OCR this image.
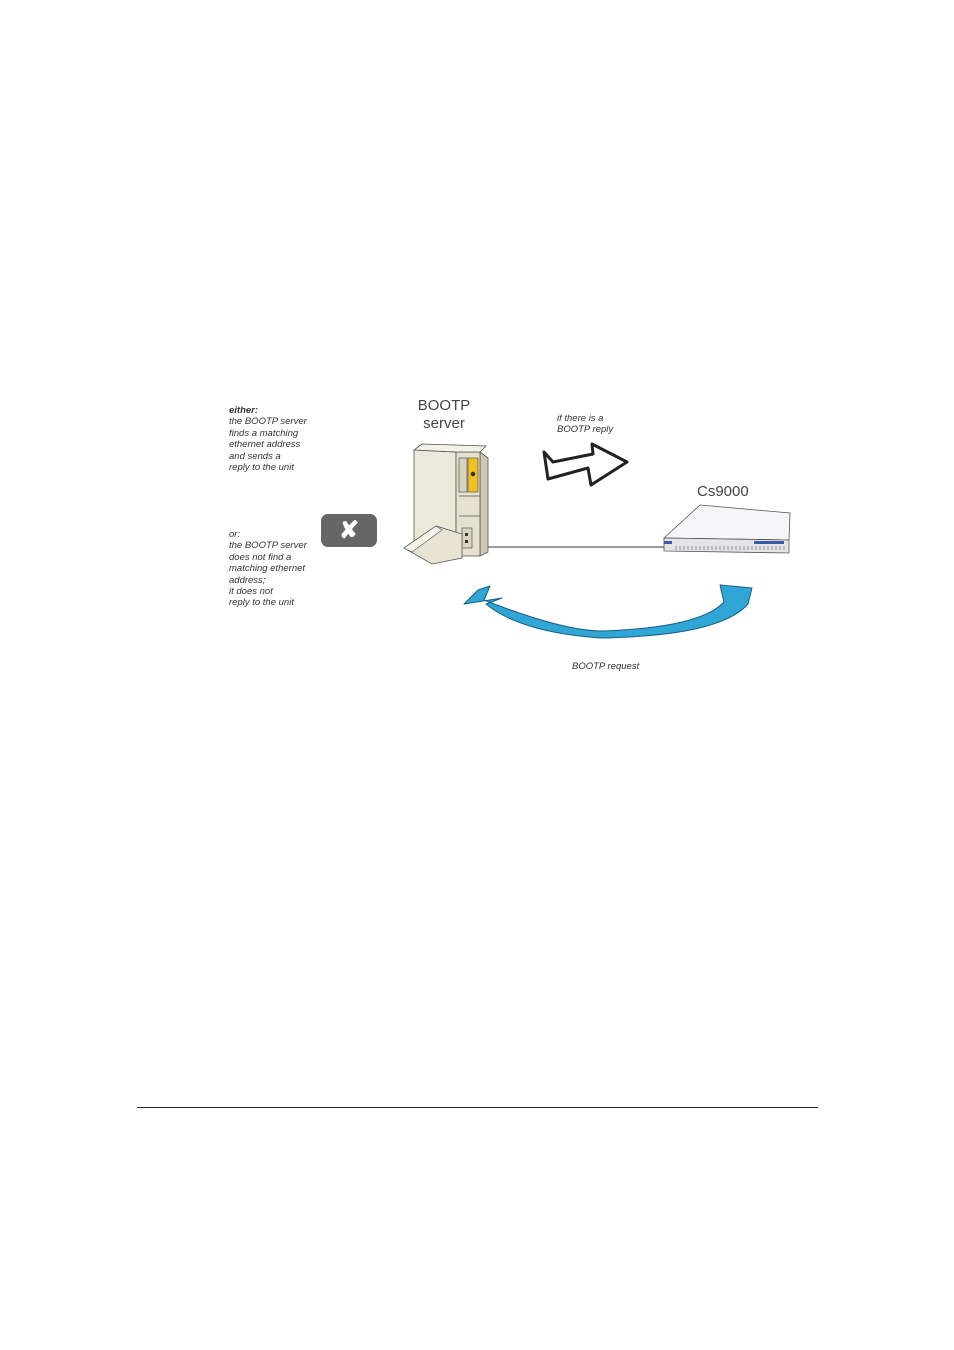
either:
the BOOTP server
finds a matching
ethernet address
and sends a
reply to the unit
or:
the BOOTP server
does not find a
matching ethernet
address;
it does not
reply to the unit
✘
BOOTP
server	if there is a
BOOTP reply
Cs9000
BOOTP request
